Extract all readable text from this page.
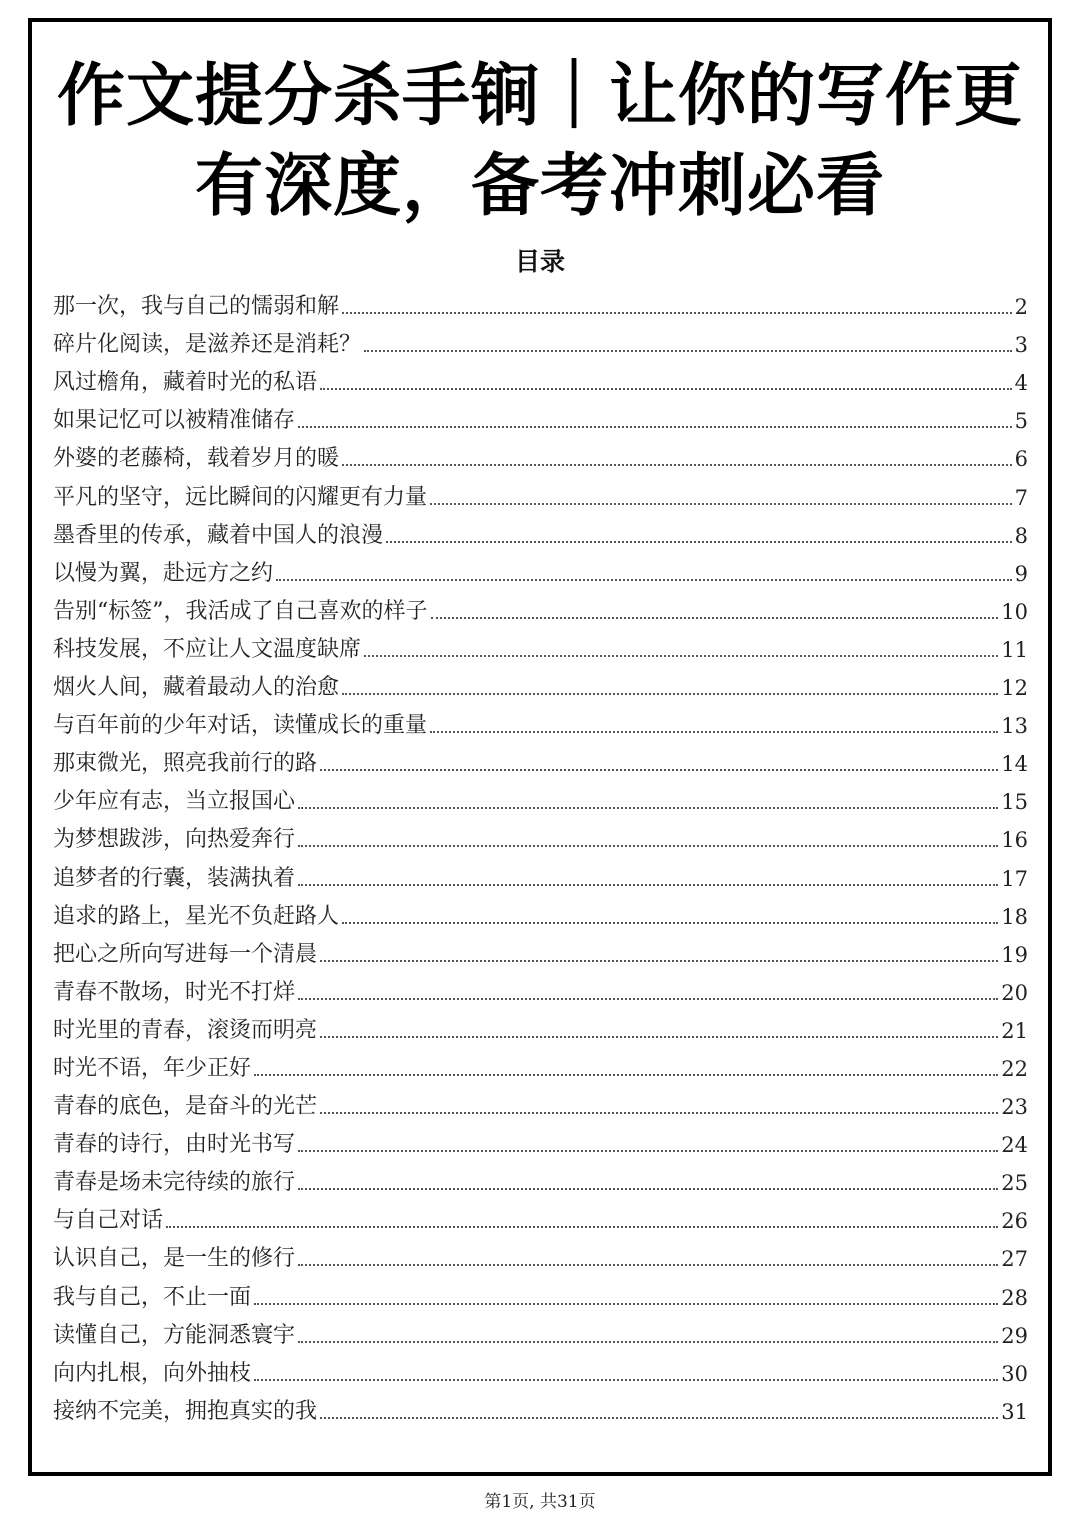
作文提分杀手锏｜让你的写作更
有深度，备考冲刺必看
目录
那一次，我与自己的懦弱和解	2
碎片化阅读，是滋养还是消耗？	3
风过檐角，藏着时光的私语	4
如果记忆可以被精准储存	5
外婆的老藤椅，载着岁月的暖	6
平凡的坚守，远比瞬间的闪耀更有力量	7
墨香里的传承，藏着中国人的浪漫	8
以慢为翼，赴远方之约	9
告别“标签”，我活成了自己喜欢的样子	10
科技发展，不应让人文温度缺席	11
烟火人间，藏着最动人的治愈	12
与百年前的少年对话，读懂成长的重量	13
那束微光，照亮我前行的路	14
少年应有志，当立报国心	15
为梦想跋涉，向热爱奔行	16
追梦者的行囊，装满执着	17
追求的路上，星光不负赶路人	18
把心之所向写进每一个清晨	19
青春不散场，时光不打烊	20
时光里的青春，滚烫而明亮	21
时光不语，年少正好	22
青春的底色，是奋斗的光芒	23
青春的诗行，由时光书写	24
青春是场未完待续的旅行	25
与自己对话	26
认识自己，是一生的修行	27
我与自己，不止一面	28
读懂自己，方能洞悉寰宇	29
向内扎根，向外抽枝	30
接纳不完美，拥抱真实的我	31
第1页, 共31页
